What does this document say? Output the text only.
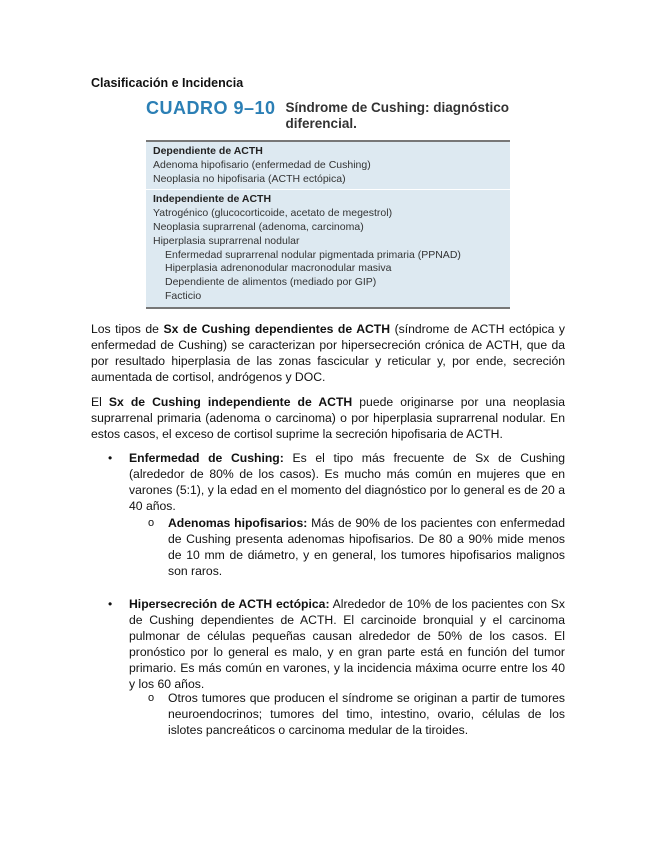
Clasificación e Incidencia
CUADRO 9–10 Síndrome de Cushing: diagnóstico diferencial.
Dependiente de ACTH
Adenoma hipofisario (enfermedad de Cushing)
Neoplasia no hipofisaria (ACTH ectópica)
Independiente de ACTH
Yatrogénico (glucocorticoide, acetato de megestrol)
Neoplasia suprarrenal (adenoma, carcinoma)
Hiperplasia suprarrenal nodular
Enfermedad suprarrenal nodular pigmentada primaria (PPNAD)
Hiperplasia adrenonodular macronodular masiva
Dependiente de alimentos (mediado por GIP)
Facticio
Los tipos de Sx de Cushing dependientes de ACTH (síndrome de ACTH ectópica y enfermedad de Cushing) se caracterizan por hipersecreción crónica de ACTH, que da por resultado hiperplasia de las zonas fascicular y reticular y, por ende, secreción aumentada de cortisol, andrógenos y DOC.
El Sx de Cushing independiente de ACTH puede originarse por una neoplasia suprarrenal primaria (adenoma o carcinoma) o por hiperplasia suprarrenal nodular. En estos casos, el exceso de cortisol suprime la secreción hipofisaria de ACTH.
• Enfermedad de Cushing: Es el tipo más frecuente de Sx de Cushing (alrededor de 80% de los casos). Es mucho más común en mujeres que en varones (5:1), y la edad en el momento del diagnóstico por lo general es de 20 a 40 años.
o Adenomas hipofisarios: Más de 90% de los pacientes con enfermedad de Cushing presenta adenomas hipofisarios. De 80 a 90% mide menos de 10 mm de diámetro, y en general, los tumores hipofisarios malignos son raros.
• Hipersecreción de ACTH ectópica: Alrededor de 10% de los pacientes con Sx de Cushing dependientes de ACTH. El carcinoide bronquial y el carcinoma pulmonar de células pequeñas causan alrededor de 50% de los casos. El pronóstico por lo general es malo, y en gran parte está en función del tumor primario. Es más común en varones, y la incidencia máxima ocurre entre los 40 y los 60 años.
o Otros tumores que producen el síndrome se originan a partir de tumores neuroendocrinos; tumores del timo, intestino, ovario, células de los islotes pancreáticos o carcinoma medular de la tiroides.
